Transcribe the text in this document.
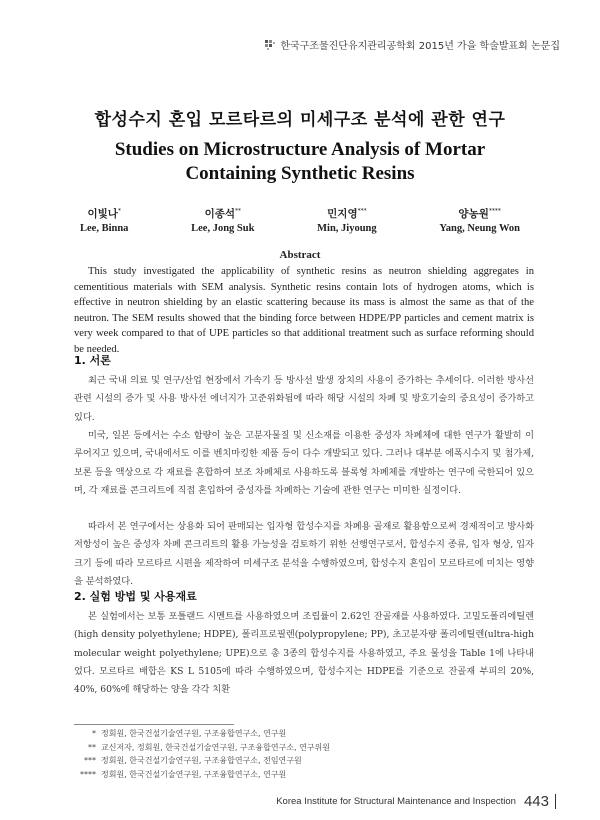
한국구조물진단유지관리공학회 2015년 가을 학술발표회 논문집
합성수지 혼입 모르타르의 미세구조 분석에 관한 연구
Studies on Microstructure Analysis of Mortar
Containing Synthetic Resins
이빛나*
Lee, Binna
이종석**
Lee, Jong Suk
민지영***
Min, Jiyoung
양농원****
Yang, Neung Won
Abstract
This study investigated the applicability of synthetic resins as neutron shielding aggregates in cementitious materials with SEM analysis. Synthetic resins contain lots of hydrogen atoms, which is effective in neutron shielding by an elastic scattering because its mass is almost the same as that of the neutron. The SEM results showed that the binding force between HDPE/PP particles and cement matrix is very week compared to that of UPE particles so that additional treatment such as surface reforming should be needed.
1. 서론
최근 국내 의료 및 연구/산업 현장에서 가속기 등 방사선 발생 장치의 사용이 증가하는 추세이다. 이러한 방사선 관련 시설의 증가 및 사용 방사선 에너지가 고준위화됨에 따라 해당 시설의 차폐 및 방호기술의 중요성이 증가하고 있다.
미국, 일본 등에서는 수소 함량이 높은 고분자물질 및 신소재를 이용한 중성자 차폐체에 대한 연구가 활발히 이루어지고 있으며, 국내에서도 이를 벤치마킹한 제품 등이 다수 개발되고 있다. 그러나 대부분 에폭시수지 및 첨가제, 보론 등을 액상으로 각 재료를 혼합하여 보조 차폐체로 사용하도록 블록형 차폐체를 개발하는 연구에 국한되어 있으며, 각 재료를 콘크리트에 직접 혼입하여 중성자를 차폐하는 기술에 관한 연구는 미미한 실정이다.
따라서 본 연구에서는 상용화 되어 판매되는 입자형 합성수지를 차폐용 골재로 활용함으로써 경제적이고 방사화 저항성이 높은 중성자 차폐 콘크리트의 활용 가능성을 검토하기 위한 선행연구로서, 합성수지 종류, 입자 형상, 입자 크기 등에 따라 모르타르 시편을 제작하여 미세구조 분석을 수행하였으며, 합성수지 혼입이 모르타르에 미치는 영향을 분석하였다.
2. 실험 방법 및 사용재료
본 실험에서는 보통 포틀랜드 시멘트를 사용하였으며 조립률이 2.62인 잔골재를 사용하였다. 고밀도폴리에틸렌(high density polyethylene; HDPE), 폴리프로필렌(polypropylene; PP), 초고분자량 폴리에틸렌(ultra-high molecular weight polyethylene; UPE)으로 총 3종의 합성수지를 사용하였고, 주요 물성을 Table 1에 나타내었다. 모르타르 배합은 KS L 5105에 따라 수행하였으며, 합성수지는 HDPE를 기준으로 잔골재 부피의 20%, 40%, 60%에 해당하는 양을 각각 치환
* 정회원, 한국건설기술연구원, 구조융합연구소, 연구원
** 교신저자, 정회원, 한국건설기술연구원, 구조융합연구소, 연구위원
*** 정회원, 한국건설기술연구원, 구조융합연구소, 전임연구원
**** 정회원, 한국건설기술연구원, 구조융합연구소, 연구원
Korea Institute for Structural Maintenance and Inspection 443
